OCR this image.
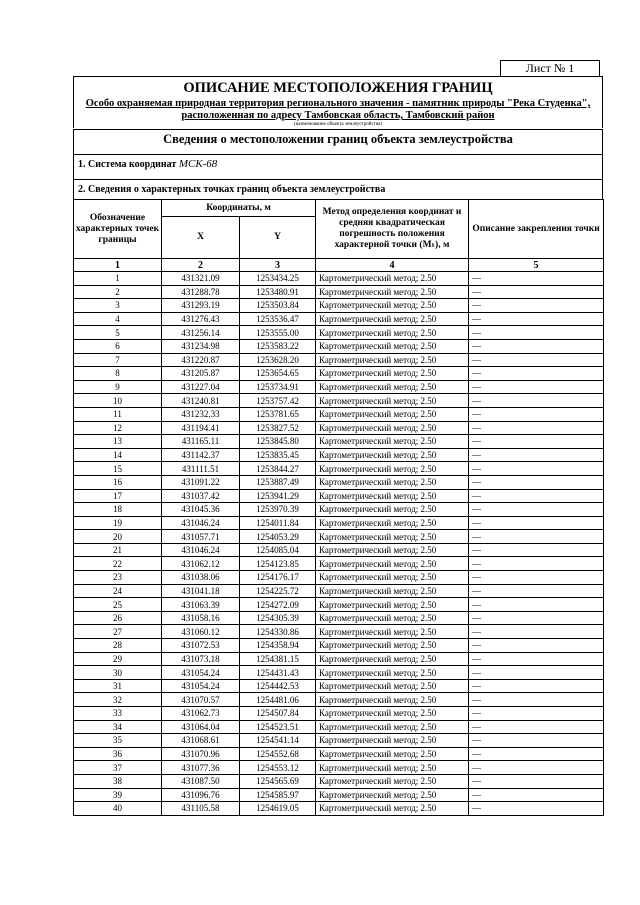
Лист № 1
ОПИСАНИЕ МЕСТОПОЛОЖЕНИЯ ГРАНИЦ
Особо охраняемая природная территория регионального значения - памятник природы "Река Студенка", расположенная по адресу Тамбовская область, Тамбовский район
(наименование объекта землеустройства)
Сведения о местоположении границ объекта землеустройства
1. Система координат МСК-68
2. Сведения о характерных точках границ объекта землеустройства
Обозначение характерных точек границы	Координаты, м		Метод определения координат и средняя квадратическая погрешность положения характерной точки (Mₜ), м	Описание закрепления точки
	X	Y		
1	2	3	4	5
1	431321.09	1253434.25	Картометрический метод; 2.50	—
2	431288.78	1253480.91	Картометрический метод; 2.50	—
3	431293.19	1253503.84	Картометрический метод; 2.50	—
4	431276.43	1253536.47	Картометрический метод; 2.50	—
5	431256.14	1253555.00	Картометрический метод; 2.50	—
6	431234.98	1253583.22	Картометрический метод; 2.50	—
7	431220.87	1253628.20	Картометрический метод; 2.50	—
8	431205.87	1253654.65	Картометрический метод; 2.50	—
9	431227.04	1253734.91	Картометрический метод; 2.50	—
10	431240.81	1253757.42	Картометрический метод; 2.50	—
11	431232.33	1253781.65	Картометрический метод; 2.50	—
12	431194.41	1253827.52	Картометрический метод; 2.50	—
13	431165.11	1253845.80	Картометрический метод; 2.50	—
14	431142.37	1253835.45	Картометрический метод; 2.50	—
15	431111.51	1253844.27	Картометрический метод; 2.50	—
16	431091.22	1253887.49	Картометрический метод; 2.50	—
17	431037.42	1253941.29	Картометрический метод; 2.50	—
18	431045.36	1253970.39	Картометрический метод; 2.50	—
19	431046.24	1254011.84	Картометрический метод; 2.50	—
20	431057.71	1254053.29	Картометрический метод; 2.50	—
21	431046.24	1254085.04	Картометрический метод; 2.50	—
22	431062.12	1254123.85	Картометрический метод; 2.50	—
23	431038.06	1254176.17	Картометрический метод; 2.50	—
24	431041.18	1254225.72	Картометрический метод; 2.50	—
25	431063.39	1254272.09	Картометрический метод; 2.50	—
26	431058.16	1254305.39	Картометрический метод; 2.50	—
27	431060.12	1254330.86	Картометрический метод; 2.50	—
28	431072.53	1254358.94	Картометрический метод; 2.50	—
29	431073.18	1254381.15	Картометрический метод; 2.50	—
30	431054.24	1254431.43	Картометрический метод; 2.50	—
31	431054.24	1254442.53	Картометрический метод; 2.50	—
32	431070.57	1254481.06	Картометрический метод; 2.50	—
33	431062.73	1254507.84	Картометрический метод; 2.50	—
34	431064.04	1254523.51	Картометрический метод; 2.50	—
35	431068.61	1254541.14	Картометрический метод; 2.50	—
36	431070.96	1254552.68	Картометрический метод; 2.50	—
37	431077.36	1254553.12	Картометрический метод; 2.50	—
38	431087.50	1254565.69	Картометрический метод; 2.50	—
39	431096.76	1254585.97	Картометрический метод; 2.50	—
40	431105.58	1254619.05	Картометрический метод; 2.50	—
